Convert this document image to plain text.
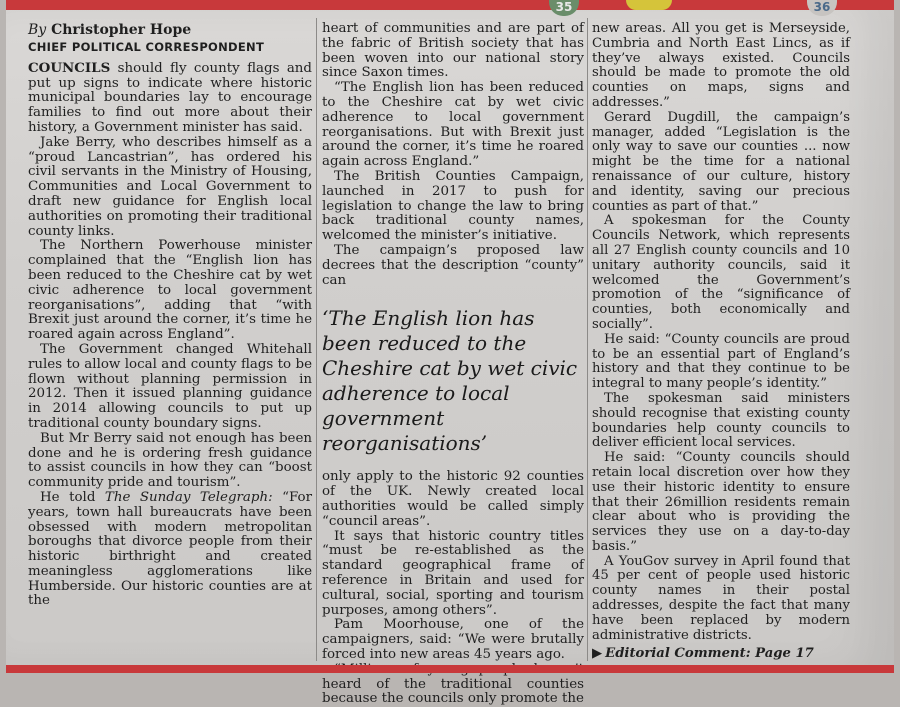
35	36
By Christopher Hope
CHIEF POLITICAL CORRESPONDENT

COUNCILS should fly county flags and put up signs to indicate where historic municipal boundaries lay to encourage families to find out more about their history, a Government minister has said.

Jake Berry, who describes himself as a “proud Lancastrian”, has ordered his civil servants in the Ministry of Housing, Communities and Local Government to draft new guidance for English local authorities on promoting their traditional county links.

The Northern Powerhouse minister complained that the “English lion has been reduced to the Cheshire cat by wet civic adherence to local government reorganisations”, adding that “with Brexit just around the corner, it’s time he roared again across England”.

The Government changed Whitehall rules to allow local and county flags to be flown without planning permission in 2012. Then it issued planning guidance in 2014 allowing councils to put up traditional county boundary signs.

But Mr Berry said not enough has been done and he is ordering fresh guidance to assist councils in how they can “boost community pride and tourism”.

He told The Sunday Telegraph: “For years, town hall bureaucrats have been obsessed with modern metropolitan boroughs that divorce people from their historic birthright and created meaningless agglomerations like Humberside. Our historic counties are at the

heart of communities and are part of the fabric of British society that has been woven into our national story since Saxon times.

“The English lion has been reduced to the Cheshire cat by wet civic adherence to local government reorganisations. But with Brexit just around the corner, it’s time he roared again across England.”

The British Counties Campaign, launched in 2017 to push for legislation to change the law to bring back traditional county names, welcomed the minister’s initiative.

The campaign’s proposed law decrees that the description “county” can

‘The English lion has been reduced to the Cheshire cat by wet civic adherence to local government reorganisations’

only apply to the historic 92 counties of the UK. Newly created local authorities would be called simply “council areas”.

It says that historic country titles “must be re-established as the standard geographical frame of reference in Britain and used for cultural, social, sporting and tourism purposes, among others”.

Pam Moorhouse, one of the campaigners, said: “We were brutally forced into new areas 45 years ago.

heard of the traditional counties because the councils only promote the

new areas. All you get is Merseyside, Cumbria and North East Lincs, as if they’ve always existed. Councils should be made to promote the old counties on maps, signs and addresses.”

Gerard Dugdill, the campaign’s manager, added “Legislation is the only way to save our counties ... now might be the time for a national renaissance of our culture, history and identity, saving our precious counties as part of that.”

A spokesman for the County Councils Network, which represents all 27 English county councils and 10 unitary authority councils, said it welcomed the Government’s promotion of the “significance of counties, both economically and socially”.

He said: “County councils are proud to be an essential part of England’s history and that they continue to be integral to many people’s identity.”

The spokesman said ministers should recognise that existing county boundaries help county councils to deliver efficient local services.

He said: “County councils should retain local discretion over how they use their historic identity to ensure that their 26million residents remain clear about who is providing the services they use on a day-to-day basis.”

A YouGov survey in April found that 45 per cent of people used historic county names in their postal addresses, despite the fact that many have been replaced by modern administrative districts.

▶ Editorial Comment: Page 17
